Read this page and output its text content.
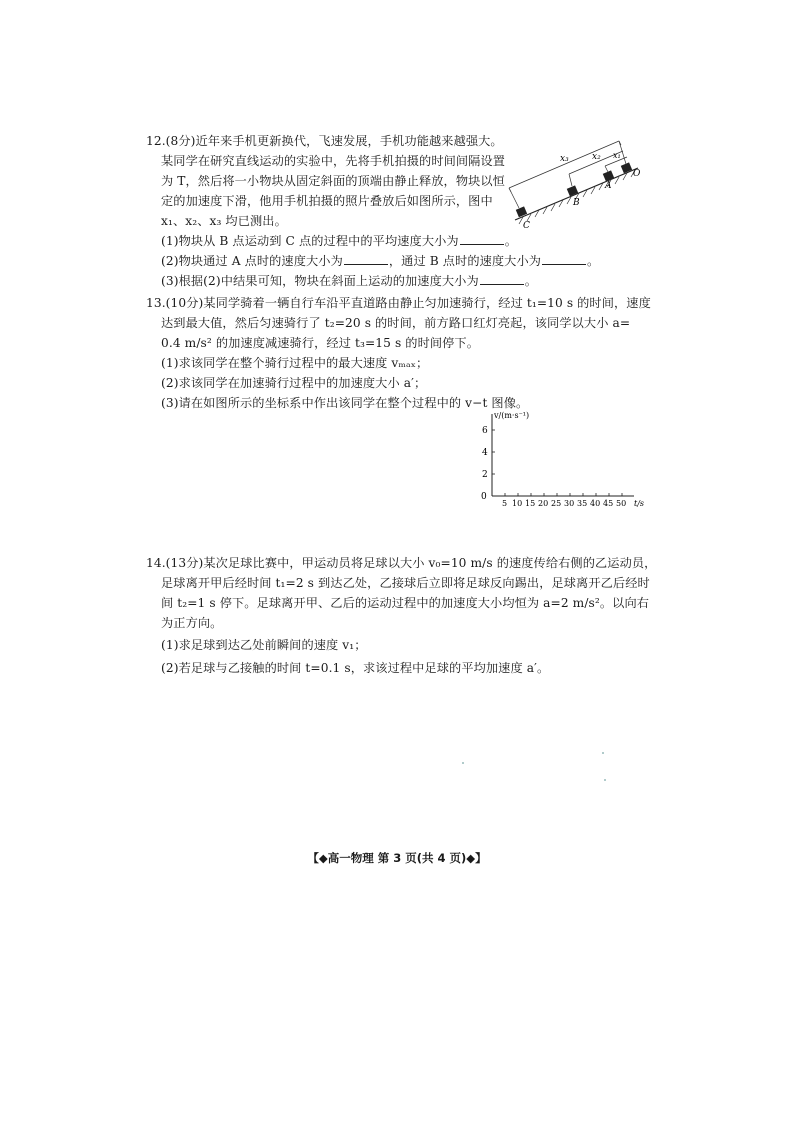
12.(8分)近年来手机更新换代，飞速发展，手机功能越来越强大。
某同学在研究直线运动的实验中，先将手机拍摄的时间间隔设置
为 T，然后将一小物块从固定斜面的顶端由静止释放，物块以恒
定的加速度下滑，他用手机拍摄的照片叠放后如图所示，图中
x₁、x₂、x₃ 均已测出。
(1)物块从 B 点运动到 C 点的过程中的平均速度大小为	。
(2)物块通过 A 点时的速度大小为	，通过 B 点时的速度大小为	。
(3)根据(2)中结果可知，物块在斜面上运动的加速度大小为	。
x₃	x₂ x₁
O
A
B
C
13.(10分)某同学骑着一辆自行车沿平直道路由静止匀加速骑行，经过 t₁=10 s 的时间，速度
达到最大值，然后匀速骑行了 t₂=20 s 的时间，前方路口红灯亮起，该同学以大小 a=
0.4 m/s² 的加速度减速骑行，经过 t₃=15 s 的时间停下。
(1)求该同学在整个骑行过程中的最大速度 vₘₐₓ；
(2)求该同学在加速骑行过程中的加速度大小 a′；
(3)请在如图所示的坐标系中作出该同学在整个过程中的 v−t 图像。
v/(m·s⁻¹)
6
4
2
0
5 10 15 20 25 30 35 40 45 50 t/s
14.(13分)某次足球比赛中，甲运动员将足球以大小 v₀=10 m/s 的速度传给右侧的乙运动员，
足球离开甲后经时间 t₁=2 s 到达乙处，乙接球后立即将足球反向踢出，足球离开乙后经时
间 t₂=1 s 停下。足球离开甲、乙后的运动过程中的加速度大小均恒为 a=2 m/s²。以向右
为正方向。
(1)求足球到达乙处前瞬间的速度 v₁；
(2)若足球与乙接触的时间 t=0.1 s，求该过程中足球的平均加速度 a′。
【◆高一物理 第 3 页(共 4 页)◆】
